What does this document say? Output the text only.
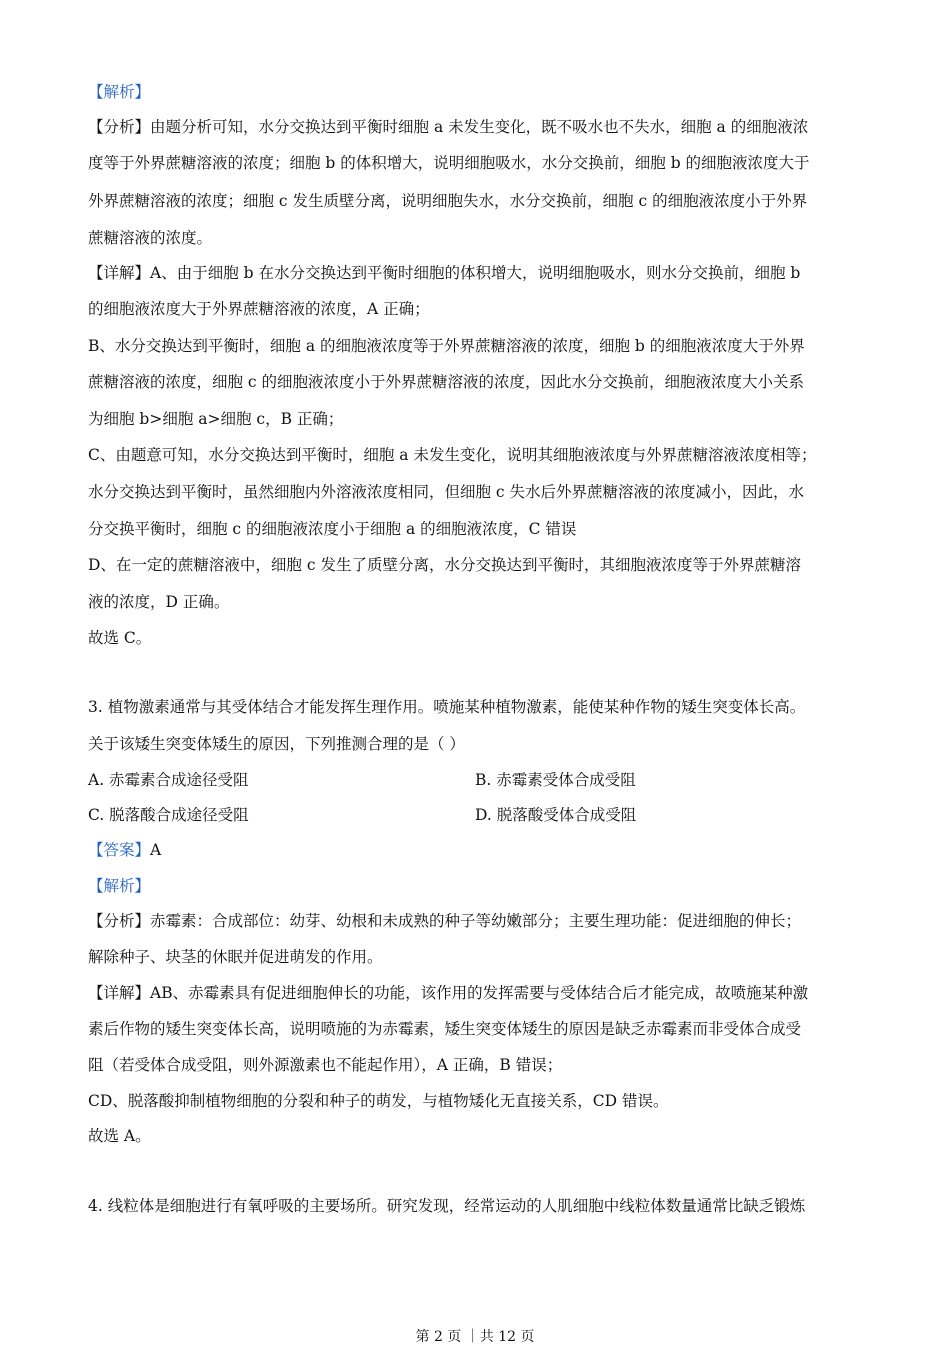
【解析】
【分析】由题分析可知，水分交换达到平衡时细胞 a 未发生变化，既不吸水也不失水，细胞 a 的细胞液浓
度等于外界蔗糖溶液的浓度；细胞 b 的体积增大，说明细胞吸水，水分交换前，细胞 b 的细胞液浓度大于
外界蔗糖溶液的浓度；细胞 c 发生质壁分离，说明细胞失水，水分交换前，细胞 c 的细胞液浓度小于外界
蔗糖溶液的浓度。
【详解】A、由于细胞 b 在水分交换达到平衡时细胞的体积增大，说明细胞吸水，则水分交换前，细胞 b
的细胞液浓度大于外界蔗糖溶液的浓度，A 正确；
B、水分交换达到平衡时，细胞 a 的细胞液浓度等于外界蔗糖溶液的浓度，细胞 b 的细胞液浓度大于外界
蔗糖溶液的浓度，细胞 c 的细胞液浓度小于外界蔗糖溶液的浓度，因此水分交换前，细胞液浓度大小关系
为细胞 b>细胞 a>细胞 c，B 正确；
C、由题意可知，水分交换达到平衡时，细胞 a 未发生变化，说明其细胞液浓度与外界蔗糖溶液浓度相等；
水分交换达到平衡时，虽然细胞内外溶液浓度相同，但细胞 c 失水后外界蔗糖溶液的浓度减小，因此，水
分交换平衡时，细胞 c 的细胞液浓度小于细胞 a 的细胞液浓度，C 错误
D、在一定的蔗糖溶液中，细胞 c 发生了质壁分离，水分交换达到平衡时，其细胞液浓度等于外界蔗糖溶
液的浓度，D 正确。
故选 C。
3. 植物激素通常与其受体结合才能发挥生理作用。喷施某种植物激素，能使某种作物的矮生突变体长高。
关于该矮生突变体矮生的原因，下列推测合理的是（ ）
A. 赤霉素合成途径受阻	B. 赤霉素受体合成受阻
C. 脱落酸合成途径受阻	D. 脱落酸受体合成受阻
【答案】A
【解析】
【分析】赤霉素：合成部位：幼芽、幼根和未成熟的种子等幼嫩部分；主要生理功能：促进细胞的伸长；
解除种子、块茎的休眠并促进萌发的作用。
【详解】AB、赤霉素具有促进细胞伸长的功能，该作用的发挥需要与受体结合后才能完成，故喷施某种激
素后作物的矮生突变体长高，说明喷施的为赤霉素，矮生突变体矮生的原因是缺乏赤霉素而非受体合成受
阻（若受体合成受阻，则外源激素也不能起作用），A 正确，B 错误；
CD、脱落酸抑制植物细胞的分裂和种子的萌发，与植物矮化无直接关系，CD 错误。
故选 A。
4. 线粒体是细胞进行有氧呼吸的主要场所。研究发现，经常运动的人肌细胞中线粒体数量通常比缺乏锻炼
第 2 页 ｜共 12 页
